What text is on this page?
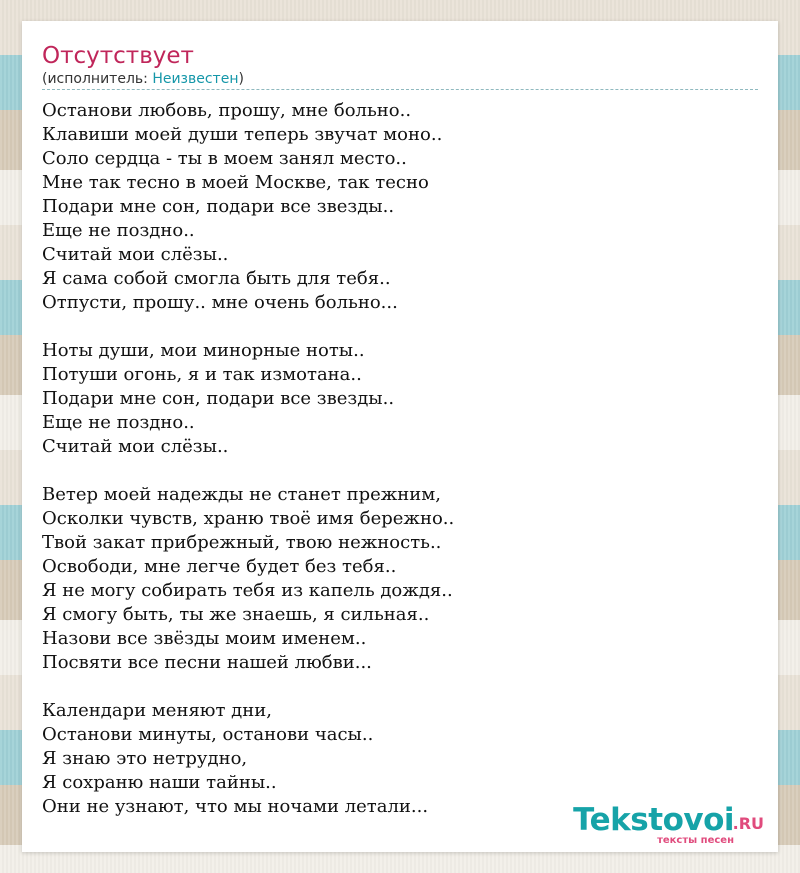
Отсутствует
(исполнитель: Неизвестен)
Останови любовь, прошу, мне больно..
Клавиши моей души теперь звучат моно..
Соло сердца - ты в моем занял место..
Мне так тесно в моей Москве, так тесно
Подари мне сон, подари все звезды..
Еще не поздно..
Считай мои слёзы..
Я сама собой смогла быть для тебя..
Отпусти, прошу.. мне очень больно...
Ноты души, мои минорные ноты..
Потуши огонь, я и так измотана..
Подари мне сон, подари все звезды..
Еще не поздно..
Считай мои слёзы..
Ветер моей надежды не станет прежним,
Осколки чувств, храню твоё имя бережно..
Твой закат прибрежный, твою нежность..
Освободи, мне легче будет без тебя..
Я не могу собирать тебя из капель дождя..
Я смогу быть, ты же знаешь, я сильная..
Назови все звёзды моим именем..
Посвяти все песни нашей любви...
Календари меняют дни,
Останови минуты, останови часы..
Я знаю это нетрудно,
Я сохраню наши тайны..
Они не узнают, что мы ночами летали...	Tekstovoi
.RU
тексты песен
